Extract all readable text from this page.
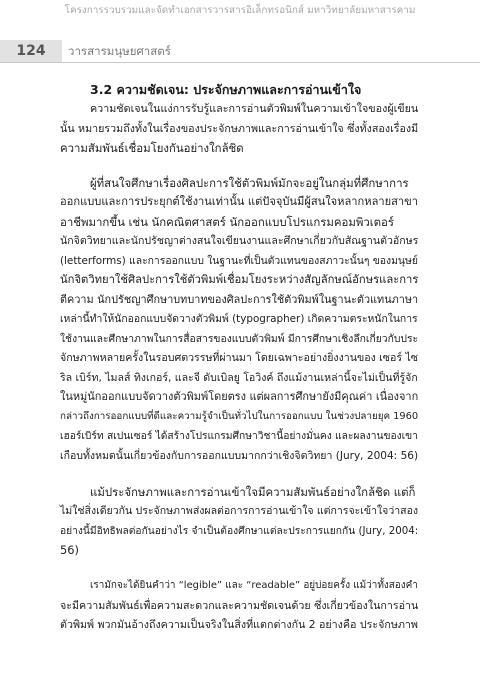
โครงการรวบรวมและจัดทำเอกสารวารสารอิเล็กทรอนิกส์ มหาวิทยาลัยมหาสารคาม
124	วารสารมนุษยศาสตร์
3.2 ความชัดเจน: ประจักษภาพและการอ่านเข้าใจ
ความชัดเจนในแง่การรับรู้และการอ่านตัวพิมพ์ในความเข้าใจของผู้เขียน
นั้น หมายรวมถึงทั้งในเรื่องของประจักษภาพและการอ่านเข้าใจ ซึ่งทั้งสองเรื่องมี
ความสัมพันธ์เชื่อมโยงกันอย่างใกล้ชิด
ผู้ที่สนใจศึกษาเรื่องศิลปะการใช้ตัวพิมพ์มักจะอยู่ในกลุ่มที่ศึกษาการ
ออกแบบและการประยุกต์ใช้งานเท่านั้น แต่ปัจจุบันมีผู้สนใจหลากหลายสาขา
อาชีพมากขึ้น เช่น นักคณิตศาสตร์ นักออกแบบโปรแกรมคอมพิวเตอร์
นักจิตวิทยาและนักปรัชญาต่างสนใจเขียนงานและศึกษาเกี่ยวกับสัณฐานตัวอักษร
(letterforms) และการออกแบบ ในฐานะที่เป็นตัวแทนของสภาวะนั้นๆ ของมนุษย์
นักจิตวิทยาใช้ศิลปะการใช้ตัวพิมพ์เชื่อมโยงระหว่างสัญลักษณ์อักษรและการ
ตีความ นักปรัชญาศึกษาบทบาทของศิลปะการใช้ตัวพิมพ์ในฐานะตัวแทนภาษา
เหล่านี้ทำให้นักออกแบบจัดวางตัวพิมพ์ (typographer) เกิดความตระหนักในการ
ใช้งานและศึกษาภาพในการสื่อสารของแบบตัวพิมพ์ มีการศึกษาเชิงลึกเกี่ยวกับประ
จักษภาพหลายครั้งในรอบศตวรรษที่ผ่านมา โดยเฉพาะอย่างยิ่งงานของ เซอร์ ไซ
ริล เบิร์ท, ไมลส์ ทิงเกอร์, และจี ดับเบิลยู โอวิงค์ ถึงแม้งานเหล่านี้จะไม่เป็นที่รู้จัก
ในหมู่นักออกแบบจัดวางตัวพิมพ์โดยตรง แต่ผลการศึกษายังมีคุณค่า เนื่องจาก
กล่าวถึงการออกแบบที่ดีและความรู้จำเป็นทั่วไปในการออกแบบ ในช่วงปลายยุค 1960
เฮอร์เบิร์ท สเปนเซอร์ ได้สร้างโปรแกรมศึกษาวิชานี้อย่างมั่นคง และผลงานของเขา
เกือบทั้งหมดนั้นเกี่ยวข้องกับการออกแบบมากกว่าเชิงจิตวิทยา (Jury, 2004: 56)
แม้ประจักษภาพและการอ่านเข้าใจมีความสัมพันธ์อย่างใกล้ชิด แต่ก็
ไม่ใช่สิ่งเดียวกัน ประจักษภาพส่งผลต่อการการอ่านเข้าใจ แต่การจะเข้าใจว่าสอง
อย่างนี้มีอิทธิพลต่อกันอย่างไร จำเป็นต้องศึกษาแต่ละประการแยกกัน (Jury, 2004:
56)
เรามักจะได้ยินคำว่า “legible” และ “readable” อยู่บ่อยครั้ง แม้ว่าทั้งสองคำ
จะมีความสัมพันธ์เพื่อความสะดวกและความชัดเจนด้วย ซึ่งเกี่ยวข้องในการอ่าน
ตัวพิมพ์ พวกมันอ้างถึงความเป็นจริงในสิ่งที่แตกต่างกัน 2 อย่างคือ ประจักษภาพ
